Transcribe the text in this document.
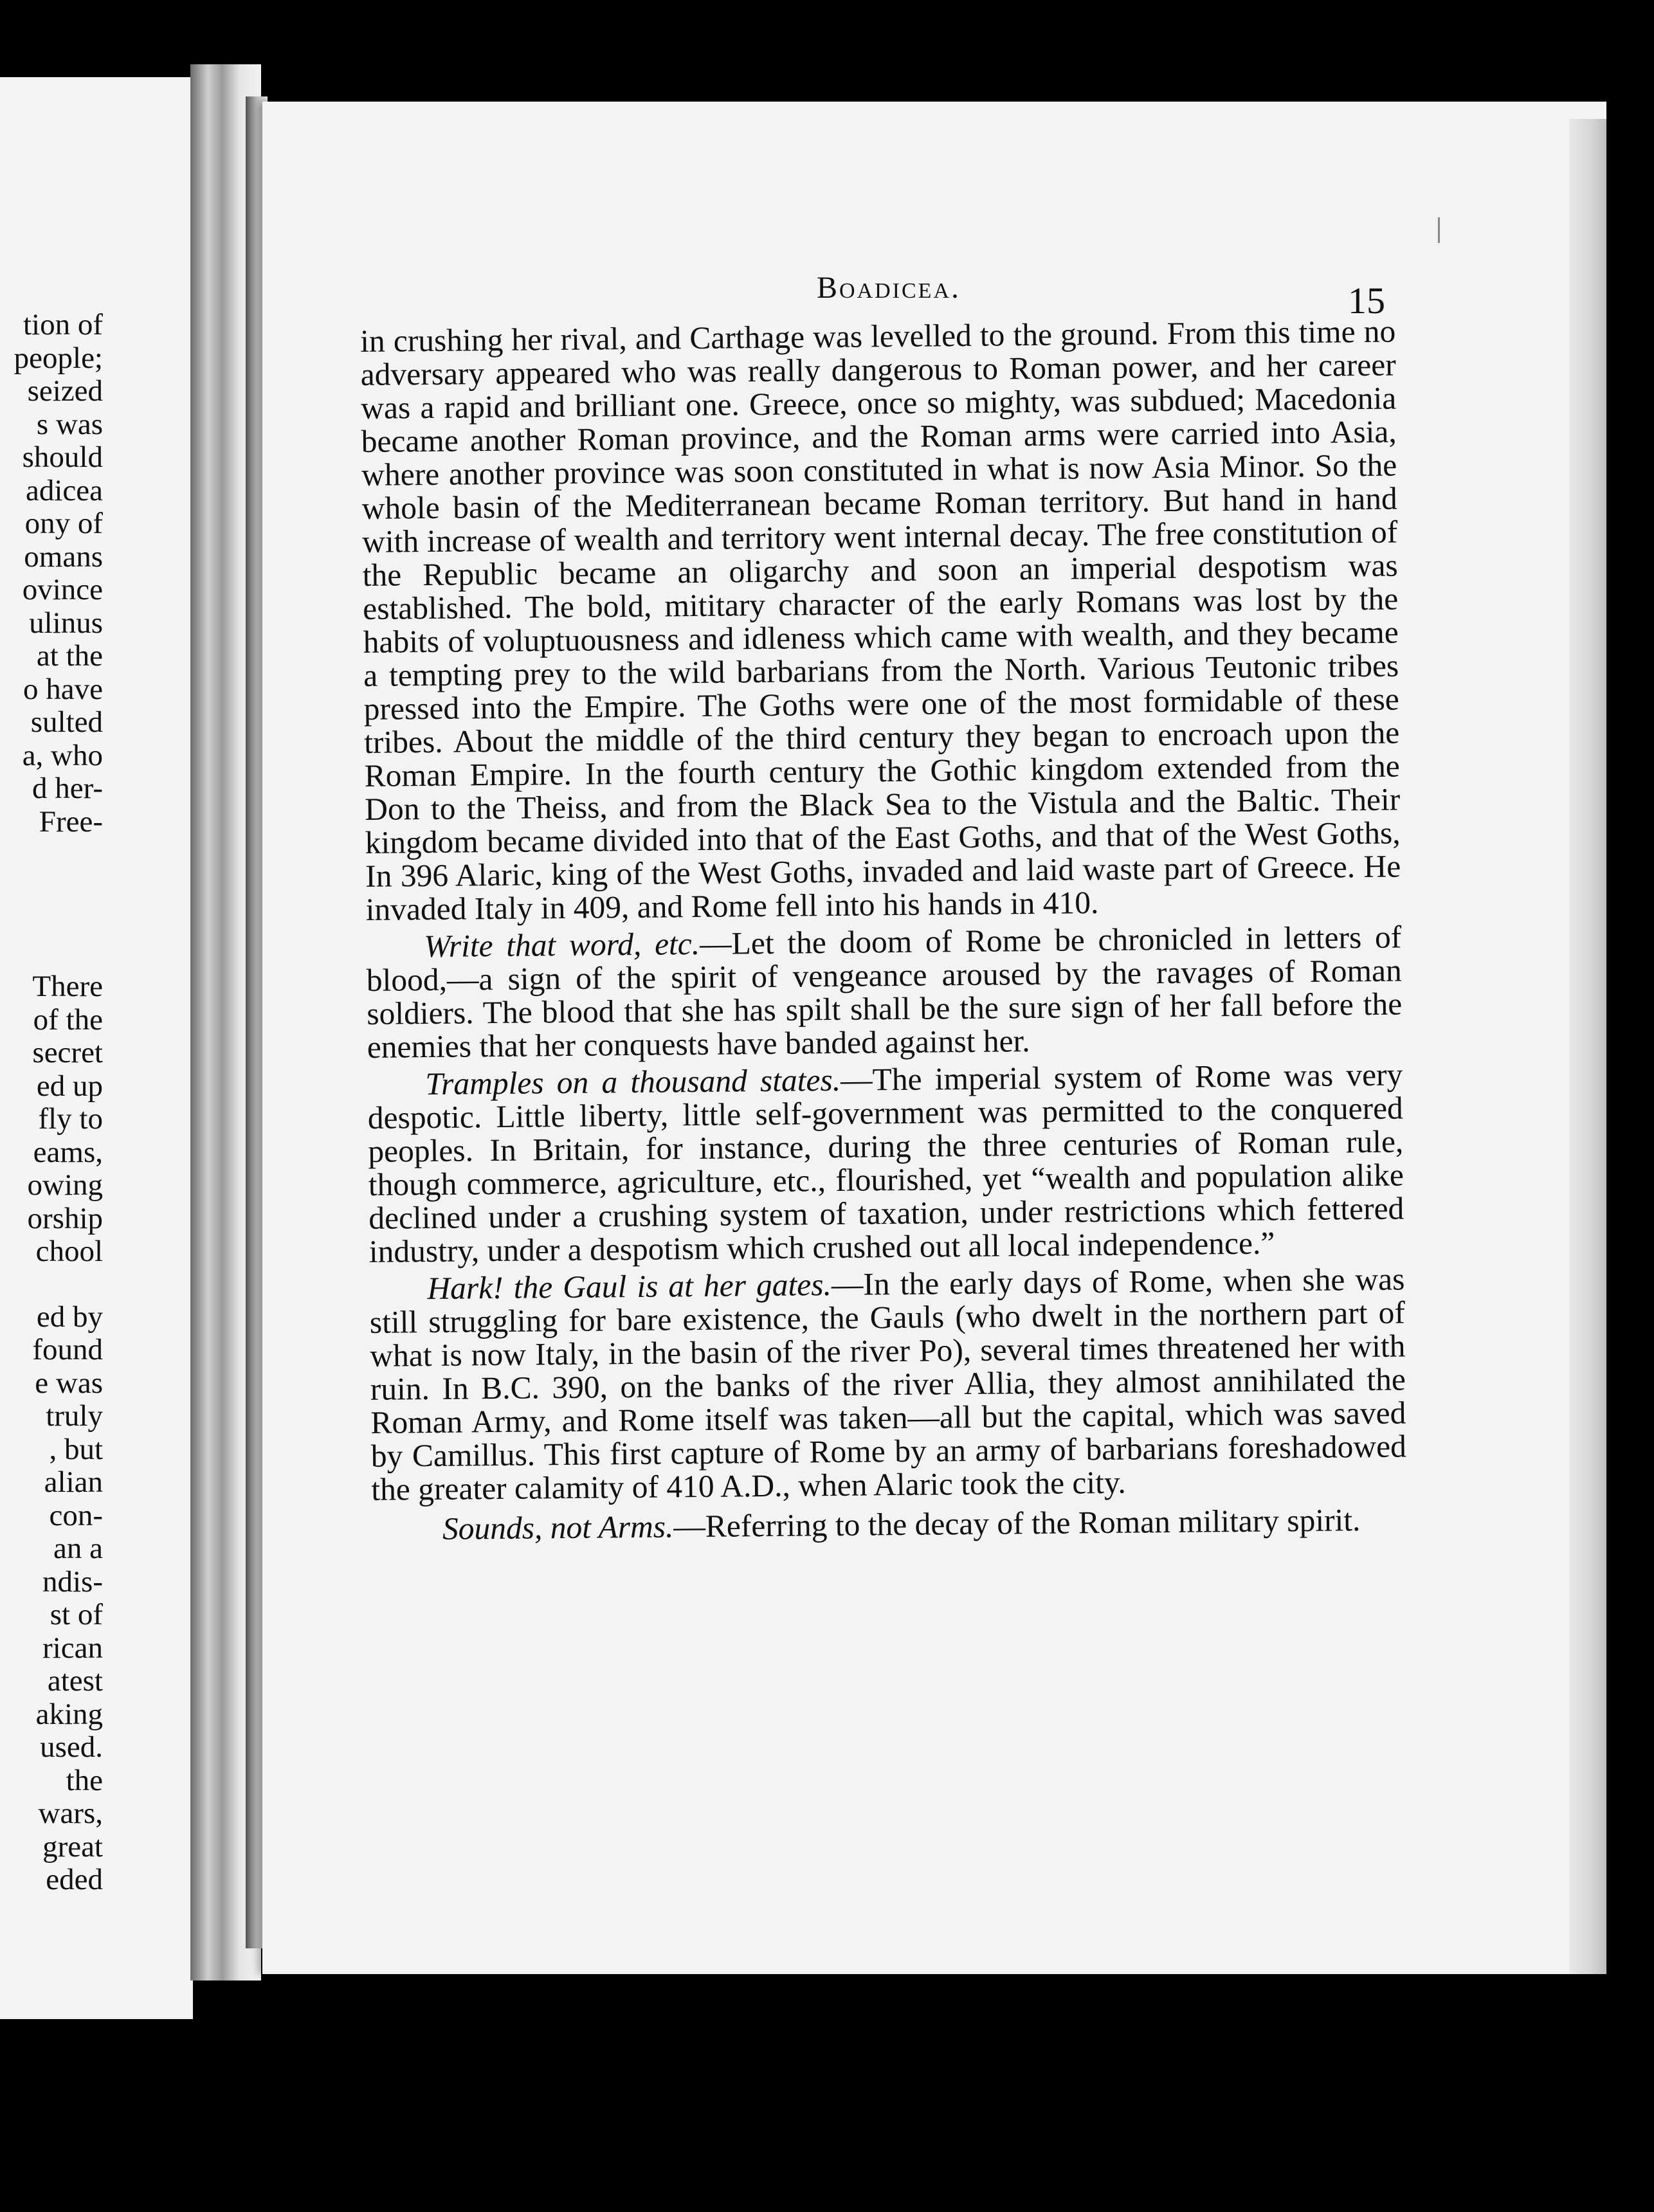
tion of
people;
seized
s was
should
adicea
ony of
omans
ovince
ulinus
at the
o have
sulted
a, who
d her-
Free-
There
of the
secret
ed up
fly to
eams,
owing
orship
chool
ed by
found
e was
truly
, but
alian
con-
an a
ndis-
st of
rican
atest
aking
used.
the
wars,
great
eded
Boadicea.	15

in crushing her rival, and Carthage was levelled to the ground. From this time no adversary appeared who was really dangerous to Roman power, and her career was a rapid and brilliant one. Greece, once so mighty, was subdued; Macedonia became another Roman province, and the Roman arms were carried into Asia, where another province was soon constituted in what is now Asia Minor. So the whole basin of the Mediterranean became Roman territory. But hand in hand with increase of wealth and territory went internal decay. The free constitution of the Republic became an oligarchy and soon an imperial despotism was established. The bold, mititary character of the early Romans was lost by the habits of voluptuousness and idleness which came with wealth, and they became a tempting prey to the wild barbarians from the North. Various Teutonic tribes pressed into the Empire. The Goths were one of the most formidable of these tribes. About the middle of the third century they began to encroach upon the Roman Empire. In the fourth century the Gothic kingdom extended from the Don to the Theiss, and from the Black Sea to the Vistula and the Baltic. Their kingdom became divided into that of the East Goths, and that of the West Goths, In 396 Alaric, king of the West Goths, invaded and laid waste part of Greece. He invaded Italy in 409, and Rome fell into his hands in 410.

Write that word, etc.—Let the doom of Rome be chronicled in letters of blood,—a sign of the spirit of vengeance aroused by the ravages of Roman soldiers. The blood that she has spilt shall be the sure sign of her fall before the enemies that her conquests have banded against her.

Tramples on a thousand states.—The imperial system of Rome was very despotic. Little liberty, little self-government was permitted to the conquered peoples. In Britain, for instance, during the three centuries of Roman rule, though commerce, agriculture, etc., flourished, yet “wealth and population alike declined under a crushing system of taxation, under restrictions which fettered industry, under a despotism which crushed out all local independence.”

Hark! the Gaul is at her gates.—In the early days of Rome, when she was still struggling for bare existence, the Gauls (who dwelt in the northern part of what is now Italy, in the basin of the river Po), several times threatened her with ruin. In B.C. 390, on the banks of the river Allia, they almost annihilated the Roman Army, and Rome itself was taken—all but the capital, which was saved by Camillus. This first capture of Rome by an army of barbarians foreshadowed the greater calamity of 410 A.D., when Alaric took the city.

Sounds, not Arms.—Referring to the decay of the Roman military spirit.
